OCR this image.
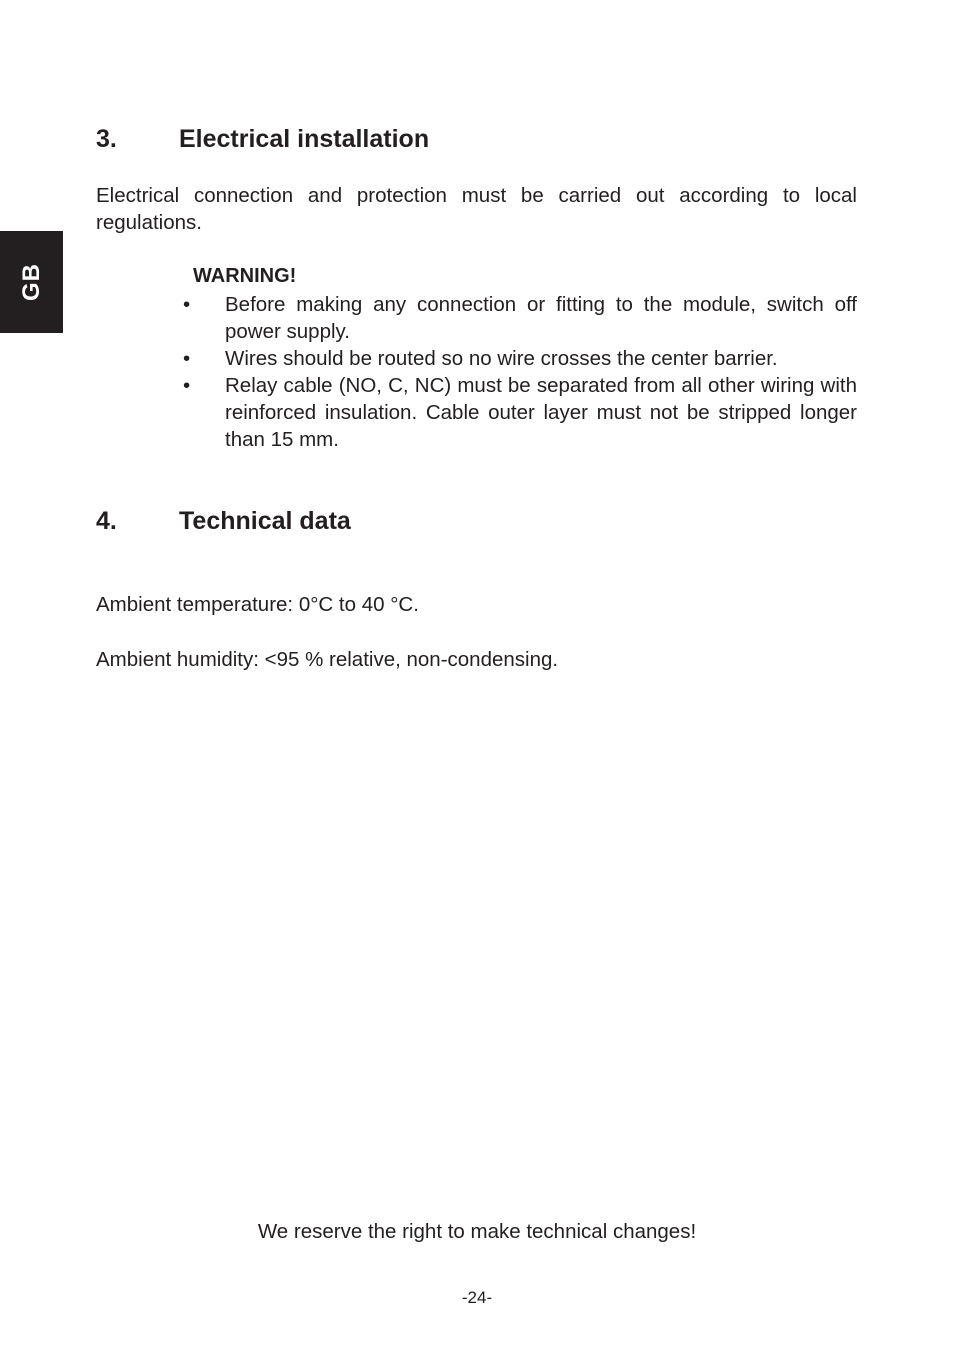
GB
3. Electrical installation
Electrical connection and protection must be carried out according to local regulations.
WARNING!
• Before making any connection or fitting to the module, switch off power supply.
• Wires should be routed so no wire crosses the center barrier.
• Relay cable (NO, C, NC) must be separated from all other wiring with reinforced insulation. Cable outer layer must not be stripped longer than 15 mm.
4. Technical data
Ambient temperature: 0°C to 40 °C.
Ambient humidity: <95 % relative, non-condensing.
We reserve the right to make technical changes!
-24-
